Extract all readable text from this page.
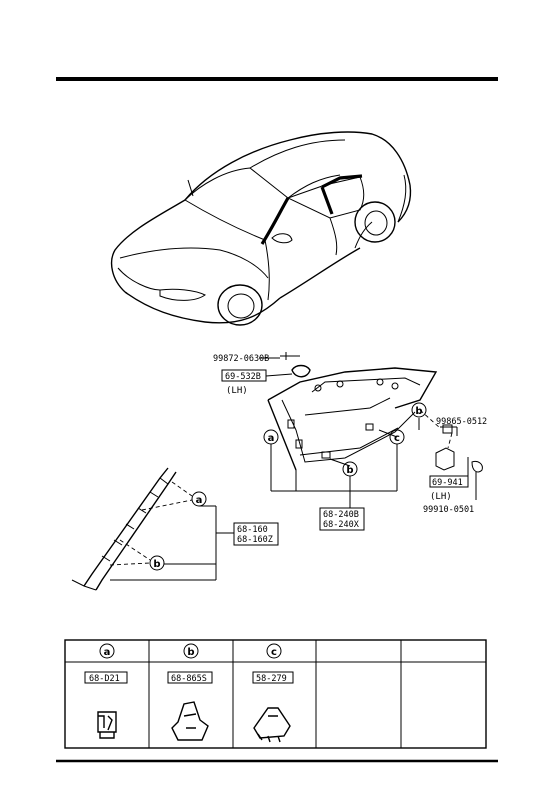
a
b
c
b
a
b
99872-0630B
69-532B
(LH)
99865-0512
69-941
(LH)
99910-0501
68-240B
68-240X
68-160
68-160Z
a
68-D21
b
68-865S
c
58-279
